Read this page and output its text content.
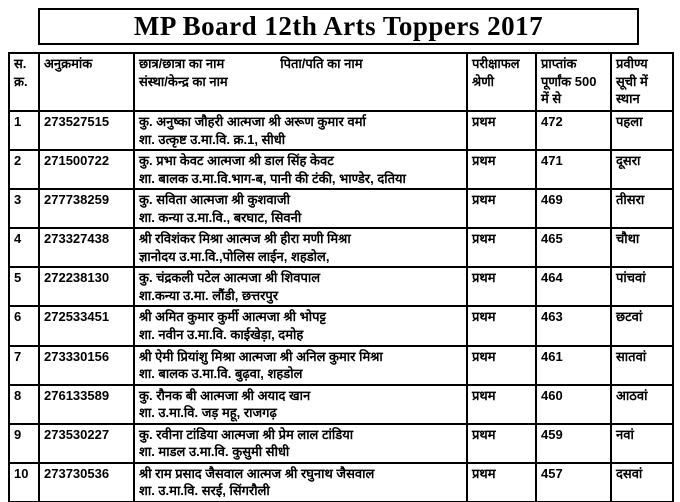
MP Board 12th Arts Toppers 2017
स. क्र.	अनुक्रमांक	छात्र/छात्रा का नाम पिता/पति का नाम
संस्था/केन्द्र का नाम	परीक्षाफल श्रेणी	प्राप्तांक पूर्णांक 500 में से	प्रवीण्य सूची में स्थान
1	273527515	कु. अनुष्का जौहरी आत्मजा श्री अरूण कुमार वर्मा
शा. उत्कृष्ट उ.मा.वि. क्र.1, सीधी	प्रथम	472	पहला
2	271500722	कु. प्रभा केवट आत्मजा श्री डाल सिंह केवट
शा. बालक उ.मा.वि.भाग-ब, पानी की टंकी, भाण्डेर, दतिया	प्रथम	471	दूसरा
3	277738259	कु. सविता आत्मजा श्री कुशवाजी
शा. कन्या उ.मा.वि., बरघाट, सिवनी	प्रथम	469	तीसरा
4	273327438	श्री रविशंकर मिश्रा आत्मज श्री हीरा मणी मिश्रा
ज्ञानोदय उ.मा.वि.,पोलिस लाईन, शहडोल,	प्रथम	465	चौथा
5	272238130	कु. चंद्रकली पटेल आत्मजा श्री शिवपाल
शा.कन्या उ.मा. लौंडी, छत्तरपुर	प्रथम	464	पांचवां
6	272533451	श्री अमित कुमार कुर्मी आत्मजा श्री भोपट्ट
शा. नवीन उ.मा.वि. काईखेड़ा, दमोह	प्रथम	463	छटवां
7	273330156	श्री ऐमी प्रियांशु मिश्रा आत्मजा श्री अनिल कुमार मिश्रा
शा. बालक उ.मा.वि. बुढ़वा, शहडोल	प्रथम	461	सातवां
8	276133589	कु. रौनक बी आत्मजा श्री अयाद खान
शा. उ.मा.वि. जड़ महू, राजगढ़	प्रथम	460	आठवां
9	273530227	कु. रवीना टांडिया आत्मजा श्री प्रेम लाल टांडिया
शा. माडल उ.मा.वि. कुसुमी सीधी	प्रथम	459	नवां
10	273730536	श्री राम प्रसाद जैसवाल आत्मज श्री रघुनाथ जैसवाल
शा. उ.मा.वि. सरई, सिंगरौली	प्रथम	457	दसवां
